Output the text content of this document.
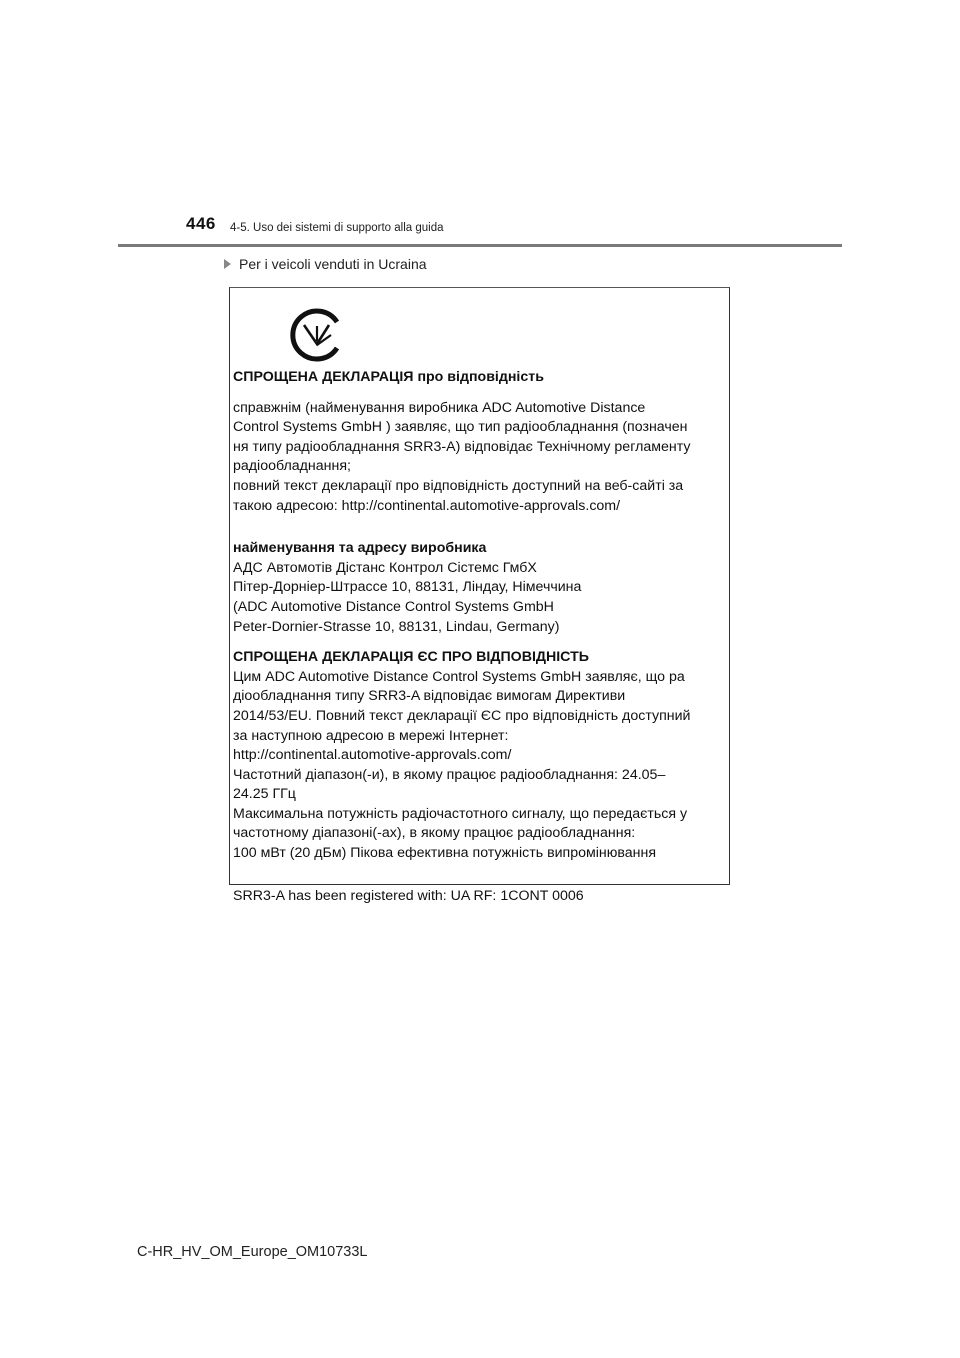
446 4-5. Uso dei sistemi di supporto alla guida
Per i veicoli venduti in Ucraina
СПРОЩЕНА ДЕКЛАРАЦІЯ про відповідність
справжнім (найменування виробника ADC Automotive Distance
Control Systems GmbH ) заявляє, що тип радіообладнання (позначен
ня типу радіообладнання SRR3-A) відповідає Технічному регламенту
радіообладнання;
повний текст декларації про відповідність доступний на веб-сайті за
такою адресою: http://continental.automotive-approvals.com/
найменування та адресу виробника
АДС Автомотів Дістанс Контрол Сістемс ГмбХ
Пітер-Дорніер-Штрассе 10, 88131, Ліндау, Німеччина
(ADC Automotive Distance Control Systems GmbH
Peter-Dornier-Strasse 10, 88131, Lindau, Germany)
СПРОЩЕНА ДЕКЛАРАЦІЯ ЄС ПРО ВІДПОВІДНІСТЬ
Цим ADC Automotive Distance Control Systems GmbH заявляє, що ра
діообладнання типу SRR3-A відповідає вимогам Директиви
2014/53/EU. Повний текст декларації ЄС про відповідність доступний
за наступною адресою в мережі Інтернет:
http://continental.automotive-approvals.com/
Частотний діапазон(-и), в якому працює радіообладнання: 24.05–
24.25 ГГц
Максимальна потужність радіочастотного сигналу, що передається у
частотному діапазоні(-ах), в якому працює радіообладнання:
100 мВт (20 дБм) Пікова ефективна потужність випромінювання
SRR3-A has been registered with: UA RF: 1CONT 0006
C-HR_HV_OM_Europe_OM10733L
